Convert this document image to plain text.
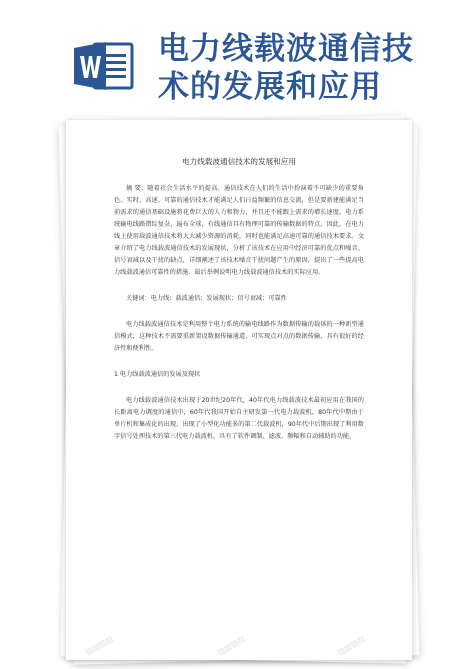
电力线载波通信技
术的发展和应用
电力线载波通信技术的发展和应用

摘 要：随着社会生活水平的提高、通信技术在人们的生活中扮演着不可缺少的重要角色。实时、高速、可靠的通信技术才能满足人们日益频繁的信息交流，但是要新建能满足当前需求的通信基础设施将花费巨大的人力和物力，并且还不能跟上需求的增长速度。电力系统输电线路错综复杂，遍布全球，有线通信具有物理可靠的传输数据的特点。因此，在电力线上使用载波通信技术将大大减少资源的消耗，同时也能满足高速可靠的通信技术要求。文章介绍了电力线载波通信技术的发展现状，分析了该技术在应用中经济可靠的优点和噪音、信号衰减以及干扰的缺点，详细阐述了该技术噪音干扰问题产生的原因，提出了一些提高电力线载波通信可靠性的措施，最后举例说明电力线载波通信技术的实际应用。

关键词：电力线；载波通信；发展现状；信号衰减；可靠性

电力线载波通信技术是利用整个电力系统的输电线路作为数据传输的载体的一种新型通信模式，这种技术不需要重新架设数据传输通道，可实现点对点的数据传输，具有很好的经济性和便利性。

1 电力线载波通信的发展及现状

电力线载波通信技术出现于20世纪20年代，40年代电力线载波技术最初应用在我国的长距离电力调度的通信中，60年代我国开始自主研发第一代电力载波机，80年代中期由于单片机和集成化的出现，出现了小型化功能多的第二代载波机，90年代中后期出现了利用数字信号处理技术的第三代电力载波机，具有了软件调制、滤波、频幅和自动辅助的功能。

▨▨▨▨	▨▨▨▨	▨▨▨▨
